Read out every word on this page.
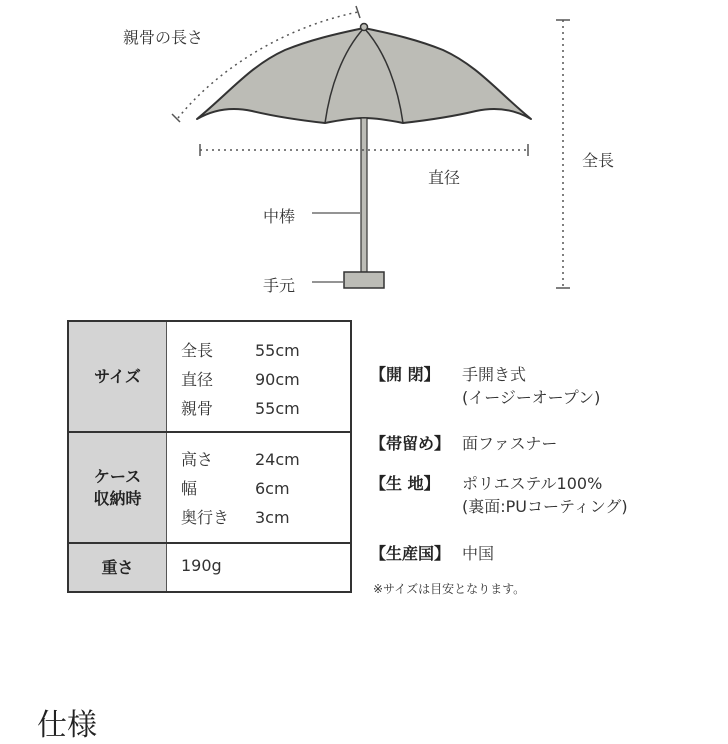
親骨の長さ
全長
直径
中棒
手元
サイズ
全長	55cm
直径	90cm
親骨	55cm
ケース
収納時
高さ	24cm
幅	6cm
奥行き 3cm
重さ	190g
【開 閉】 手開き式
(イージーオープン)
【帯留め】 面ファスナー
【生 地】 ポリエステル100%
(裏面:PUコーティング)
【生産国】 中国
※サイズは目安となります。
仕様
